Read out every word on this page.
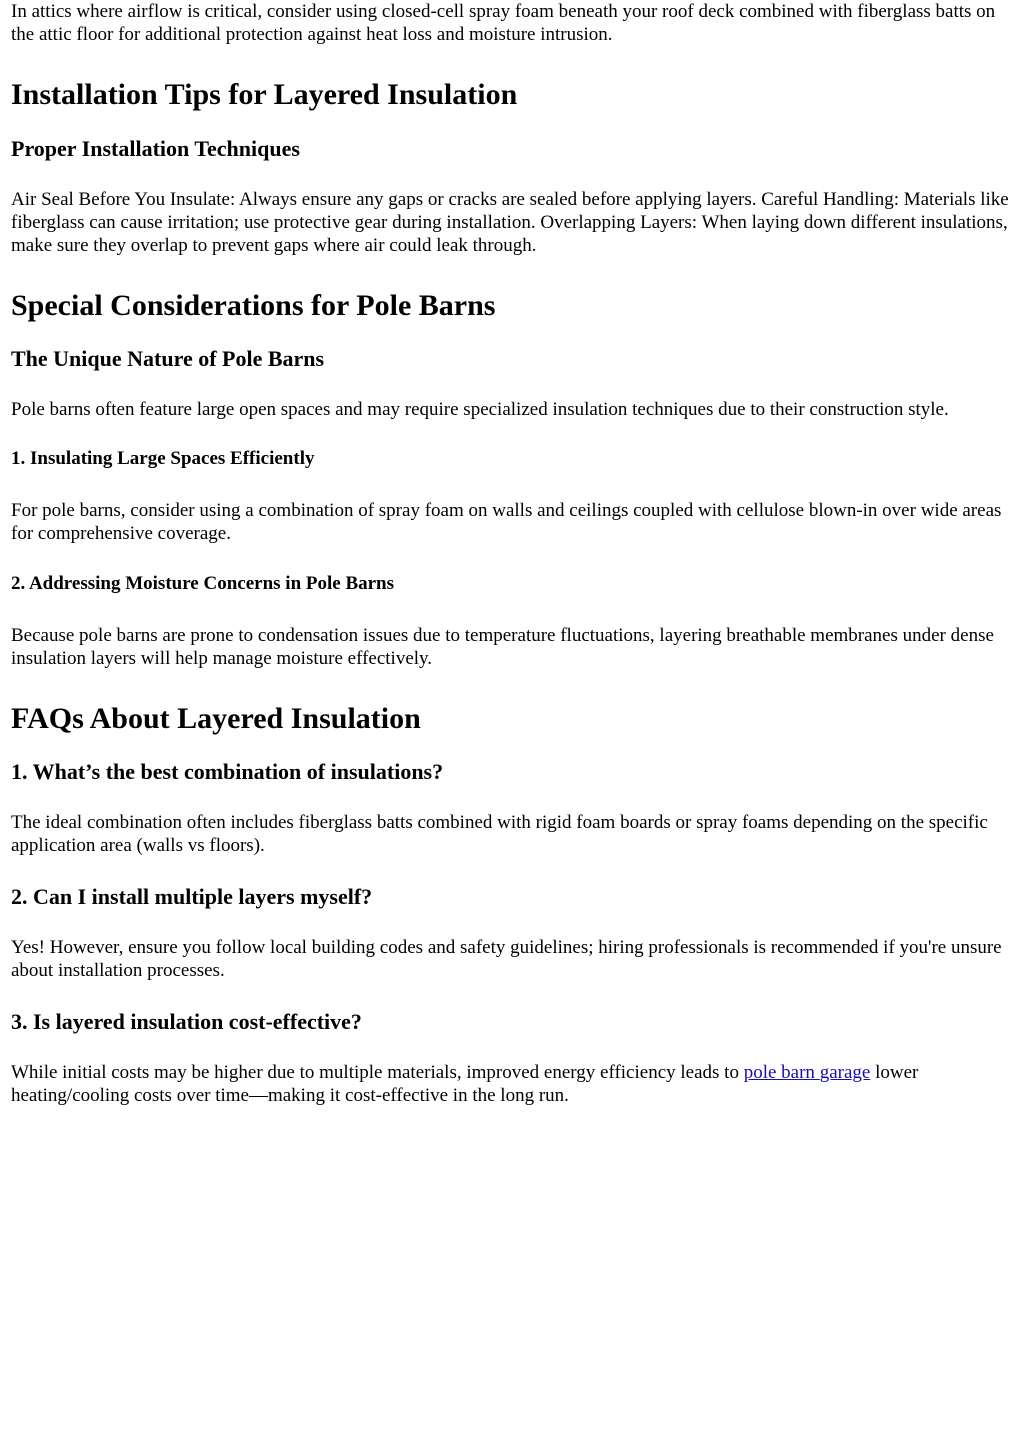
In attics where airflow is critical, consider using closed-cell spray foam beneath your roof deck combined with fiberglass batts on the attic floor for additional protection against heat loss and moisture intrusion.

Installation Tips for Layered Insulation
Proper Installation Techniques

Air Seal Before You Insulate: Always ensure any gaps or cracks are sealed before applying layers. Careful Handling: Materials like fiberglass can cause irritation; use protective gear during installation. Overlapping Layers: When laying down different insulations, make sure they overlap to prevent gaps where air could leak through.

Special Considerations for Pole Barns
The Unique Nature of Pole Barns

Pole barns often feature large open spaces and may require specialized insulation techniques due to their construction style.

1. Insulating Large Spaces Efficiently

For pole barns, consider using a combination of spray foam on walls and ceilings coupled with cellulose blown-in over wide areas for comprehensive coverage.

2. Addressing Moisture Concerns in Pole Barns

Because pole barns are prone to condensation issues due to temperature fluctuations, layering breathable membranes under dense insulation layers will help manage moisture effectively.

FAQs About Layered Insulation
1. What’s the best combination of insulations?

The ideal combination often includes fiberglass batts combined with rigid foam boards or spray foams depending on the specific application area (walls vs floors).

2. Can I install multiple layers myself?

Yes! However, ensure you follow local building codes and safety guidelines; hiring professionals is recommended if you're unsure about installation processes.

3. Is layered insulation cost-effective?

While initial costs may be higher due to multiple materials, improved energy efficiency leads to pole barn garage lower heating/cooling costs over time—making it cost-effective in the long run.
